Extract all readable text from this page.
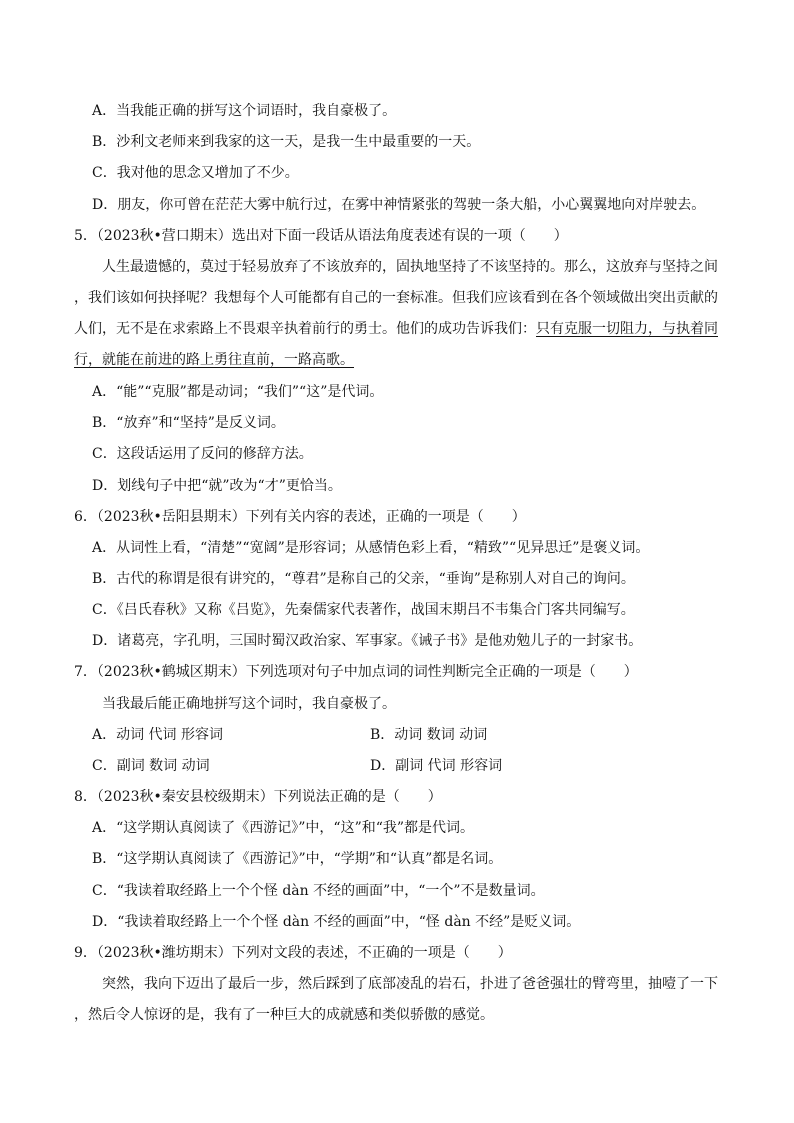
A．当我能正确的拼写这个词语时，我自豪极了。
B．沙利文老师来到我家的这一天，是我一生中最重要的一天。
C．我对他的思念又增加了不少。
D．朋友，你可曾在茫茫大雾中航行过，在雾中神情紧张的驾驶一条大船，小心翼翼地向对岸驶去。
5．（2023秋•营口期末）选出对下面一段话从语法角度表述有误的一项（　　）
人生最遗憾的，莫过于轻易放弃了不该放弃的，固执地坚持了不该坚持的。那么，这放弃与坚持之间
，我们该如何抉择呢？我想每个人可能都有自己的一套标准。但我们应该看到在各个领域做出突出贡献的
人们，无不是在求索路上不畏艰辛执着前行的勇士。他们的成功告诉我们：只有克服一切阻力，与执着同
行，就能在前进的路上勇往直前，一路高歌。
A．“能”“克服”都是动词；“我们”“这”是代词。
B．“放弃”和“坚持”是反义词。
C．这段话运用了反问的修辞方法。
D．划线句子中把“就”改为“才”更恰当。
6．（2023秋•岳阳县期末）下列有关内容的表述，正确的一项是（　　）
A．从词性上看，“清楚”“宽阔”是形容词；从感情色彩上看，“精致”“见异思迁”是褒义词。
B．古代的称谓是很有讲究的，“尊君”是称自己的父亲，“垂询”是称别人对自己的询问。
C．《吕氏春秋》又称《吕览》，先秦儒家代表著作，战国末期吕不韦集合门客共同编写。
D．诸葛亮，字孔明，三国时蜀汉政治家、军事家。《诫子书》是他劝勉儿子的一封家书。
7．（2023秋•鹤城区期末）下列选项对句子中加点词的词性判断完全正确的一项是（　　）
当我最后能正确地拼写这个词时，我自豪极了。
A．动词 代词 形容词	B．动词 数词 动词
C．副词 数词 动词	D．副词 代词 形容词
8．（2023秋•秦安县校级期末）下列说法正确的是（　　）
A．“这学期认真阅读了《西游记》”中，“这”和“我”都是代词。
B．“这学期认真阅读了《西游记》”中，“学期”和“认真”都是名词。
C．“我读着取经路上一个个怪 dàn 不经的画面”中，“一个”不是数量词。
D．“我读着取经路上一个个怪 dàn 不经的画面”中，“怪 dàn 不经”是贬义词。
9．（2023秋•潍坊期末）下列对文段的表述，不正确的一项是（　　）
突然，我向下迈出了最后一步，然后踩到了底部凌乱的岩石，扑进了爸爸强壮的臂弯里，抽噎了一下
，然后令人惊讶的是，我有了一种巨大的成就感和类似骄傲的感觉。
